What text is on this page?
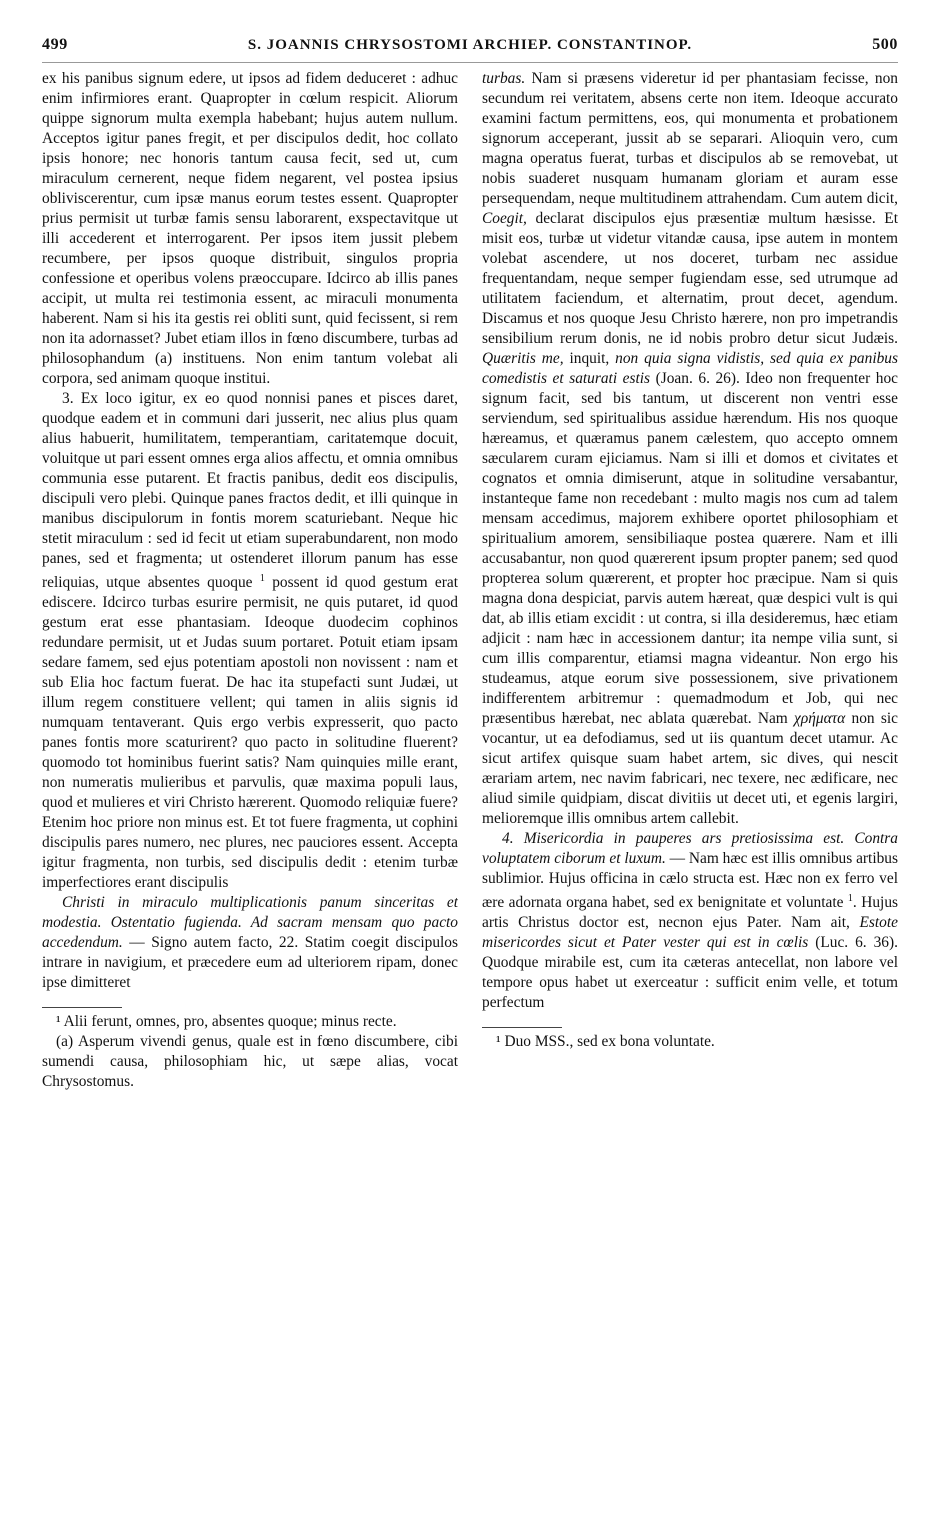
499	S. JOANNIS CHRYSOSTOMI ARCHIEP. CONSTANTINOP.	500

ex his panibus signum edere, ut ipsos ad fidem deduceret : adhuc enim infirmiores erant. Quapropter in cœlum respicit. Aliorum quippe signorum multa exempla habebant; hujus autem nullum. Acceptos igitur panes fregit, et per discipulos dedit, hoc collato ipsis honore; nec honoris tantum causa fecit, sed ut, cum miraculum cernerent, neque fidem negarent, vel postea ipsius obliviscerentur, cum ipsæ manus eorum testes essent. Quapropter prius permisit ut turbæ famis sensu laborarent, exspectavitque ut illi accederent et interrogarent. Per ipsos item jussit plebem recumbere, per ipsos quoque distribuit, singulos propria confessione et operibus volens præoccupare. Idcirco ab illis panes accipit, ut multa rei testimonia essent, ac miraculi monumenta haberent. Nam si his ita gestis rei obliti sunt, quid fecissent, si rem non ita adornasset? Jubet etiam illos in fœno discumbere, turbas ad philosophandum (a) instituens. Non enim tantum volebat ali corpora, sed animam quoque institui.

3. Ex loco igitur, ex eo quod nonnisi panes et pisces daret, quodque eadem et in communi dari jusserit, nec alius plus quam alius habuerit, humilitatem, temperantiam, caritatemque docuit, voluitque ut pari essent omnes erga alios affectu, et omnia omnibus communia esse putarent. Et fractis panibus, dedit eos discipulis, discipuli vero plebi. Quinque panes fractos dedit, et illi quinque in manibus discipulorum in fontis morem scaturiebant. Neque hic stetit miraculum : sed id fecit ut etiam superabundarent, non modo panes, sed et fragmenta; ut ostenderet illorum panum has esse reliquias, utque absentes quoque $^1$ possent id quod gestum erat ediscere. Idcirco turbas esurire permisit, ne quis putaret, id quod gestum erat esse phantasiam. Ideoque duodecim cophinos redundare permisit, ut et Judas suum portaret. Potuit etiam ipsam sedare famem, sed ejus potentiam apostoli non novissent : nam et sub Elia hoc factum fuerat. De hac ita stupefacti sunt Judæi, ut illum regem constituere vellent; qui tamen in aliis signis id numquam tentaverant. Quis ergo verbis expresserit, quo pacto panes fontis more scaturirent? quo pacto in solitudine fluerent? quomodo tot hominibus fuerint satis? Nam quinquies mille erant, non numeratis mulieribus et parvulis, quæ maxima populi laus, quod et mulieres et viri Christo hærerent. Quomodo reliquiæ fuere? Etenim hoc priore non minus est. Et tot fuere fragmenta, ut cophini discipulis pares numero, nec plures, nec pauciores essent. Accepta igitur fragmenta, non turbis, sed discipulis dedit : etenim turbæ imperfectiores erant discipulis

Christi in miraculo multiplicationis panum sinceritas et modestia. Ostentatio fugienda. Ad sacram mensam quo pacto accedendum. — Signo autem facto, 22. Statim coegit discipulos intrare in navigium, et præcedere eum ad ulteriorem ripam, donec ipse dimitteret

¹ Alii ferunt, omnes, pro, absentes quoque; minus recte.

(a) Asperum vivendi genus, quale est in fœno discumbere, cibi sumendi causa, philosophiam hic, ut sæpe alias, vocat Chrysostomus.

turbas. Nam si præsens videretur id per phantasiam fecisse, non secundum rei veritatem, absens certe non item. Ideoque accurato examini factum permittens, eos, qui monumenta et probationem signorum acceperant, jussit ab se separari. Alioquin vero, cum magna operatus fuerat, turbas et discipulos ab se removebat, ut nobis suaderet nusquam humanam gloriam et auram esse persequendam, neque multitudinem attrahendam. Cum autem dicit, Coegit, declarat discipulos ejus præsentiæ multum hæsisse. Et misit eos, turbæ ut videtur vitandæ causa, ipse autem in montem volebat ascendere, ut nos doceret, turbam nec assidue frequentandam, neque semper fugiendam esse, sed utrumque ad utilitatem faciendum, et alternatim, prout decet, agendum. Discamus et nos quoque Jesu Christo hærere, non pro impetrandis sensibilium rerum donis, ne id nobis probro detur sicut Judæis. Quæritis me, inquit, non quia signa vidistis, sed quia ex panibus comedistis et saturati estis (Joan. 6. 26). Ideo non frequenter hoc signum facit, sed bis tantum, ut discerent non ventri esse serviendum, sed spiritualibus assidue hærendum. His nos quoque hæreamus, et quæramus panem cælestem, quo accepto omnem sæcularem curam ejiciamus. Nam si illi et domos et civitates et cognatos et omnia dimiserunt, atque in solitudine versabantur, instanteque fame non recedebant : multo magis nos cum ad talem mensam accedimus, majorem exhibere oportet philosophiam et spiritualium amorem, sensibiliaque postea quærere. Nam et illi accusabantur, non quod quærerent ipsum propter panem; sed quod propterea solum quærerent, et propter hoc præcipue. Nam si quis magna dona despiciat, parvis autem hæreat, quæ despici vult is qui dat, ab illis etiam excidit : ut contra, si illa desideremus, hæc etiam adjicit : nam hæc in accessionem dantur; ita nempe vilia sunt, si cum illis comparentur, etiamsi magna videantur. Non ergo his studeamus, atque eorum sive possessionem, sive privationem indifferentem arbitremur : quemadmodum et Job, qui nec præsentibus hærebat, nec ablata quærebat. Nam χρήματα non sic vocantur, ut ea defodiamus, sed ut iis quantum decet utamur. Ac sicut artifex quisque suam habet artem, sic dives, qui nescit ærariam artem, nec navim fabricari, nec texere, nec ædificare, nec aliud simile quidpiam, discat divitiis ut decet uti, et egenis largiri, melioremque illis omnibus artem callebit.

4. Misericordia in pauperes ars pretiosissima est. Contra voluptatem ciborum et luxum. — Nam hæc est illis omnibus artibus sublimior. Hujus officina in cælo structa est. Hæc non ex ferro vel ære adornata organa habet, sed ex benignitate et voluntate $^1$. Hujus artis Christus doctor est, necnon ejus Pater. Nam ait, Estote misericordes sicut et Pater vester qui est in cœlis (Luc. 6. 36). Quodque mirabile est, cum ita cæteras antecellat, non labore vel tempore opus habet ut exerceatur : sufficit enim velle, et totum perfectum

¹ Duo MSS., sed ex bona voluntate.
